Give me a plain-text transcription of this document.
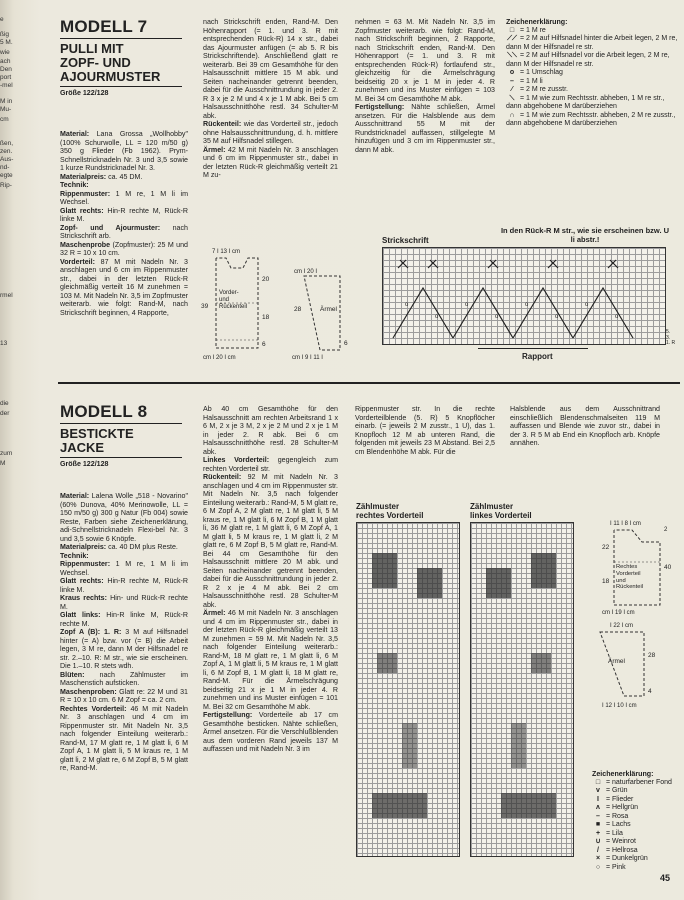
e
ßig
5 M.
wie
ach
Den
port
-mel
M in
Mu-
cm
ßen,
zen.
Aus-
nd-
egte
Rip-
rmel
13
die
der
zum
M

MODELL 7

PULLI MIT

ZOPF- UND

AJOURMUSTER

Größe 122/128

Material: Lana Grossa „Wollhobby" (100% Schurwolle, LL = 120 m/50 g) 350 g Flieder (Fb 1962). Prym-Schnellstricknadeln Nr. 3 und 3,5 sowie 1 kurze Rundstricknadel Nr. 3.

Materialpreis: ca. 45 DM.

Technik:

Rippenmuster: 1 M re, 1 M li im Wechsel.

Glatt rechts: Hin-R rechte M, Rück-R linke M.

Zopf- und Ajourmuster: nach Strickschrift arb.

Maschenprobe (Zopfmuster): 25 M und 32 R = 10 x 10 cm.

Vorderteil: 87 M mit Nadeln Nr. 3 anschlagen und 6 cm im Rippenmuster str., dabei in der letzten Rück-R gleichmäßig verteilt 16 M zunehmen = 103 M. Mit Nadeln Nr. 3,5 im Zopfmuster weiterarb. wie folgt: Rand-M, nach Strickschrift beginnen, 4 Rapporte,

nach Strickschrift enden, Rand-M. Den Höhenrapport (= 1. und 3. R mit entsprechenden Rück-R) 14 x str., dabei das Ajourmuster anfügen (= ab 5. R bis Strickschriftende). Anschließend glatt re weiterarb. Bei 39 cm Gesamthöhe für den Halsausschnitt mittlere 15 M abk. und Seiten nacheinander getrennt beenden, dabei für die Ausschnittrundung in jeder 2. R 3 x je 2 M und 4 x je 1 M abk. Bei 5 cm Halsausschnitthöhe restl. 34 Schulter-M abk.

Rückenteil: wie das Vorderteil str., jedoch ohne Halsausschnittrundung, d. h. mittlere 35 M auf Hilfsnadel stillegen.

Ärmel: 42 M mit Nadeln Nr. 3 anschlagen und 6 cm im Rippenmuster str., dabei in der letzten Rück-R gleichmäßig verteilt 21 M zu-

nehmen = 63 M. Mit Nadeln Nr. 3,5 im Zopfmuster weiterarb. wie folgt: Rand-M, nach Strickschrift beginnen, 2 Rapporte, nach Strickschrift enden, Rand-M. Den Höhenrapport (= 1. und 3. R mit entsprechenden Rück-R) fortlaufend str., gleichzeitig für die Ärmelschrägung beidseitig 20 x je 1 M in jeder 4. R zunehmen und ins Muster einfügen = 103 M. Bei 34 cm Gesamthöhe M abk.

Fertigstellung: Nähte schließen, Ärmel ansetzen. Für die Halsblende aus dem Ausschnittrand 55 M mit der Rundstricknadel auffassen, stillgelegte M hinzufügen und 3 cm im Rippenmuster str., dann M abk.

Zeichenerklärung:

□ = 1 M re
⟋⟋ = 2 M auf Hilfsnadel hinter die Arbeit legen, 2 M re, dann M der Hilfsnadel re str.
⟍⟍ = 2 M auf Hilfsnadel vor die Arbeit legen, 2 M re, dann M der Hilfsnadel re str.
o = 1 Umschlag
– = 1 M li
⁄ = 2 M re zusstr.
⟍ = 1 M wie zum Rechtsstr. abheben, 1 M re str., dann abgehobene M darüberziehen
∩ = 1 M wie zum Rechtsstr. abheben, 2 M re zusstr., dann abgehobene M darüberziehen
7 I 13 I cm
39
20
18
6
Vorder-
und
Rückenteil
cm I 20 I cm
cm I 20 I
Ärmel
28
6
cm I 9 I 11 I
Strickschrift
In den Rück-R M str., wie sie erscheinen bzw. U li abstr.!
o	o	o	o
o	o	o	o
5.
3.
1. R
Rapport

MODELL 8

BESTICKTE

JACKE

Größe 122/128

Material: Lalena Wolle „518 - Novarino" (60% Dunova, 40% Merinowolle, LL = 150 m/50 g) 300 g Natur (Fb 004) sowie Reste, Farben siehe Zeichenerklärung, adi-Schnellstricknadeln Flexi-bel Nr. 3 und 3,5 sowie 6 Knöpfe.

Materialpreis: ca. 40 DM plus Reste.

Technik:

Rippenmuster: 1 M re, 1 M li im Wechsel.

Glatt rechts: Hin-R rechte M, Rück-R linke M.

Kraus rechts: Hin- und Rück-R rechte M.

Glatt links: Hin-R linke M, Rück-R rechte M.

Zopf A (B): 1. R: 3 M auf Hilfsnadel hinter (= A) bzw. vor (= B) die Arbeit legen, 3 M re, dann M der Hilfsnadel re str. 2.–10. R: M str., wie sie erscheinen. Die 1.–10. R stets wdh.

Blüten: nach Zählmuster im Maschenstich aufsticken.

Maschenproben: Glatt re: 22 M und 31 R = 10 x 10 cm. 6 M Zopf = ca. 2 cm.

Rechtes Vorderteil: 46 M mit Nadeln Nr. 3 anschlagen und 4 cm im Rippenmuster str. Mit Nadeln Nr. 3,5 nach folgender Einteilung weiterarb.: Rand-M, 17 M glatt re, 1 M glatt li, 6 M Zopf A, 1 M glatt li, 5 M kraus re, 1 M glatt li, 2 M glatt re, 6 M Zopf B, 5 M glatt re, Rand-M.

Ab 40 cm Gesamthöhe für den Halsausschnitt am rechten Arbeitsrand 1 x 6 M, 2 x je 3 M, 2 x je 2 M und 2 x je 1 M in jeder 2. R abk. Bei 6 cm Halsausschnitthöhe restl. 28 Schulter-M abk.

Linkes Vorderteil: gegengleich zum rechten Vorderteil str.

Rückenteil: 92 M mit Nadeln Nr. 3 anschlagen und 4 cm im Rippenmuster str. Mit Nadeln Nr. 3,5 nach folgender Einteilung weiterarb.: Rand-M, 5 M glatt re, 6 M Zopf A, 2 M glatt re, 1 M glatt li, 5 M kraus re, 1 M glatt li, 6 M Zopf B, 1 M glatt li, 36 M glatt re, 1 M glatt li, 6 M Zopf A, 1 M glatt li, 5 M kraus re, 1 M glatt li, 2 M glatt re, 6 M Zopf B, 5 M glatt re, Rand-M. Bei 44 cm Gesamthöhe für den Halsausschnitt mittlere 20 M abk. und Seiten nacheinander getrennt beenden, dabei für die Ausschnittrundung in jeder 2. R 2 x je 4 M abk. Bei 2 cm Halsausschnitthöhe restl. 28 Schulter-M abk.

Ärmel: 46 M mit Nadeln Nr. 3 anschlagen und 4 cm im Rippenmuster str., dabei in der letzten Rück-R gleichmäßig verteilt 13 M zunehmen = 59 M. Mit Nadeln Nr. 3,5 nach folgender Einteilung weiterarb.: Rand-M, 18 M glatt re, 1 M glatt li, 6 M Zopf A, 1 M glatt li, 5 M kraus re, 1 M glatt li, 6 M Zopf B, 1 M glatt li, 18 M glatt re, Rand-M. Für die Ärmelschrägung beidseitig 21 x je 1 M in jeder 4. R zunehmen und ins Muster einfügen = 101 M. Bei 32 cm Gesamthöhe M abk.

Fertigstellung: Vorderteile ab 17 cm Gesamthöhe besticken. Nähte schließen, Ärmel ansetzen. Für die Verschlußblenden aus dem vorderen Rand jeweils 137 M auffassen und mit Nadeln Nr. 3 im

Rippenmuster str. In die rechte Vorderteilblende (5. R) 5 Knopflöcher einarb. (= jeweils 2 M zusstr., 1 U), das 1. Knopfloch 12 M ab unteren Rand, die folgenden mit jeweils 23 M Abstand. Bei 2,5 cm Blendenhöhe M abk. Für die

Halsblende aus dem Ausschnittrand einschließlich Blendenschmalseiten 119 M auffassen und Blende wie zuvor str., dabei in der 3. R 5 M ab End ein Knopfloch arb. Knöpfe annähen.

Zählmuster
rechtes Vorderteil
Zählmuster
linkes Vorderteil
I 11 I 8 I cm
2
22
18
40
Rechtes
Vorderteil
und
Rückenteil
cm I 19 I cm
I 22 I cm
Ärmel
28
4
I 12 I 10 I cm

Zeichenerklärung:

□ = naturfarbener Fond
v = Grün
I = Flieder
ʌ = Hellgrün
– = Rosa
■ = Lachs
+ = Lila
∪ = Weinrot
/ = Hellrosa
× = Dunkelgrün
○ = Pink
45
